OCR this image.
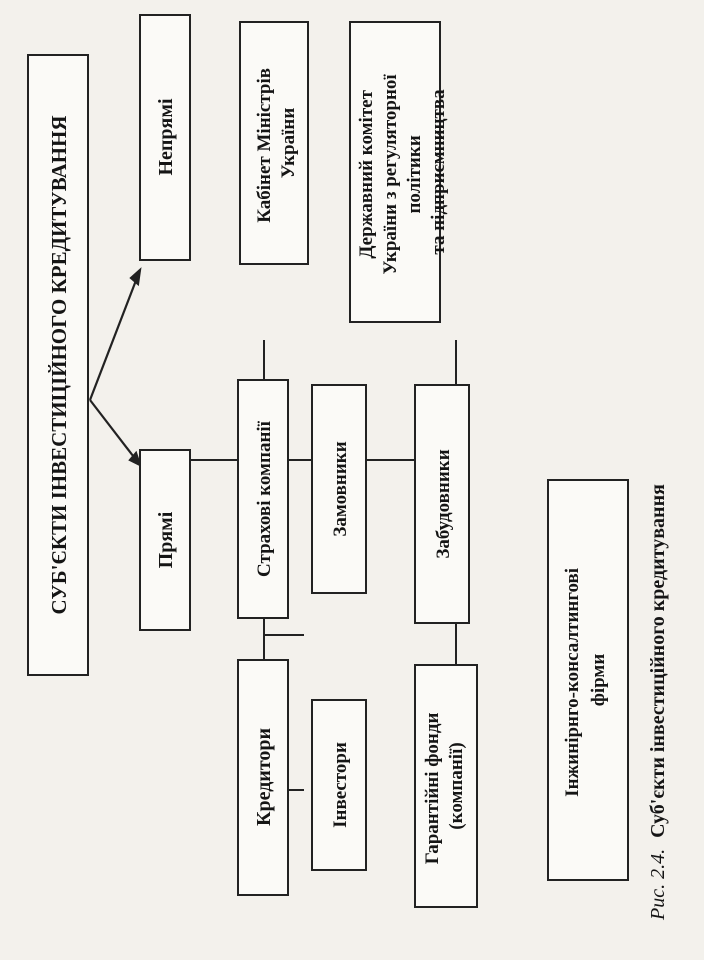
СУБ'ЄКТИ ІНВЕСТИЦІЙНОГО КРЕДИТУВАННЯ	Прямі
Непрямі	Кабінет Міністрів України	Державний комітет України з регуляторної політики та підприємництва
Кредитори
Страхові компанії
Інвестори
Замовники
Гарантійні фонди (компанії)
Забудовники
Інжинірнго-консалтингові фірми
Рис. 2.4. Суб'єкти інвестиційного кредитування
